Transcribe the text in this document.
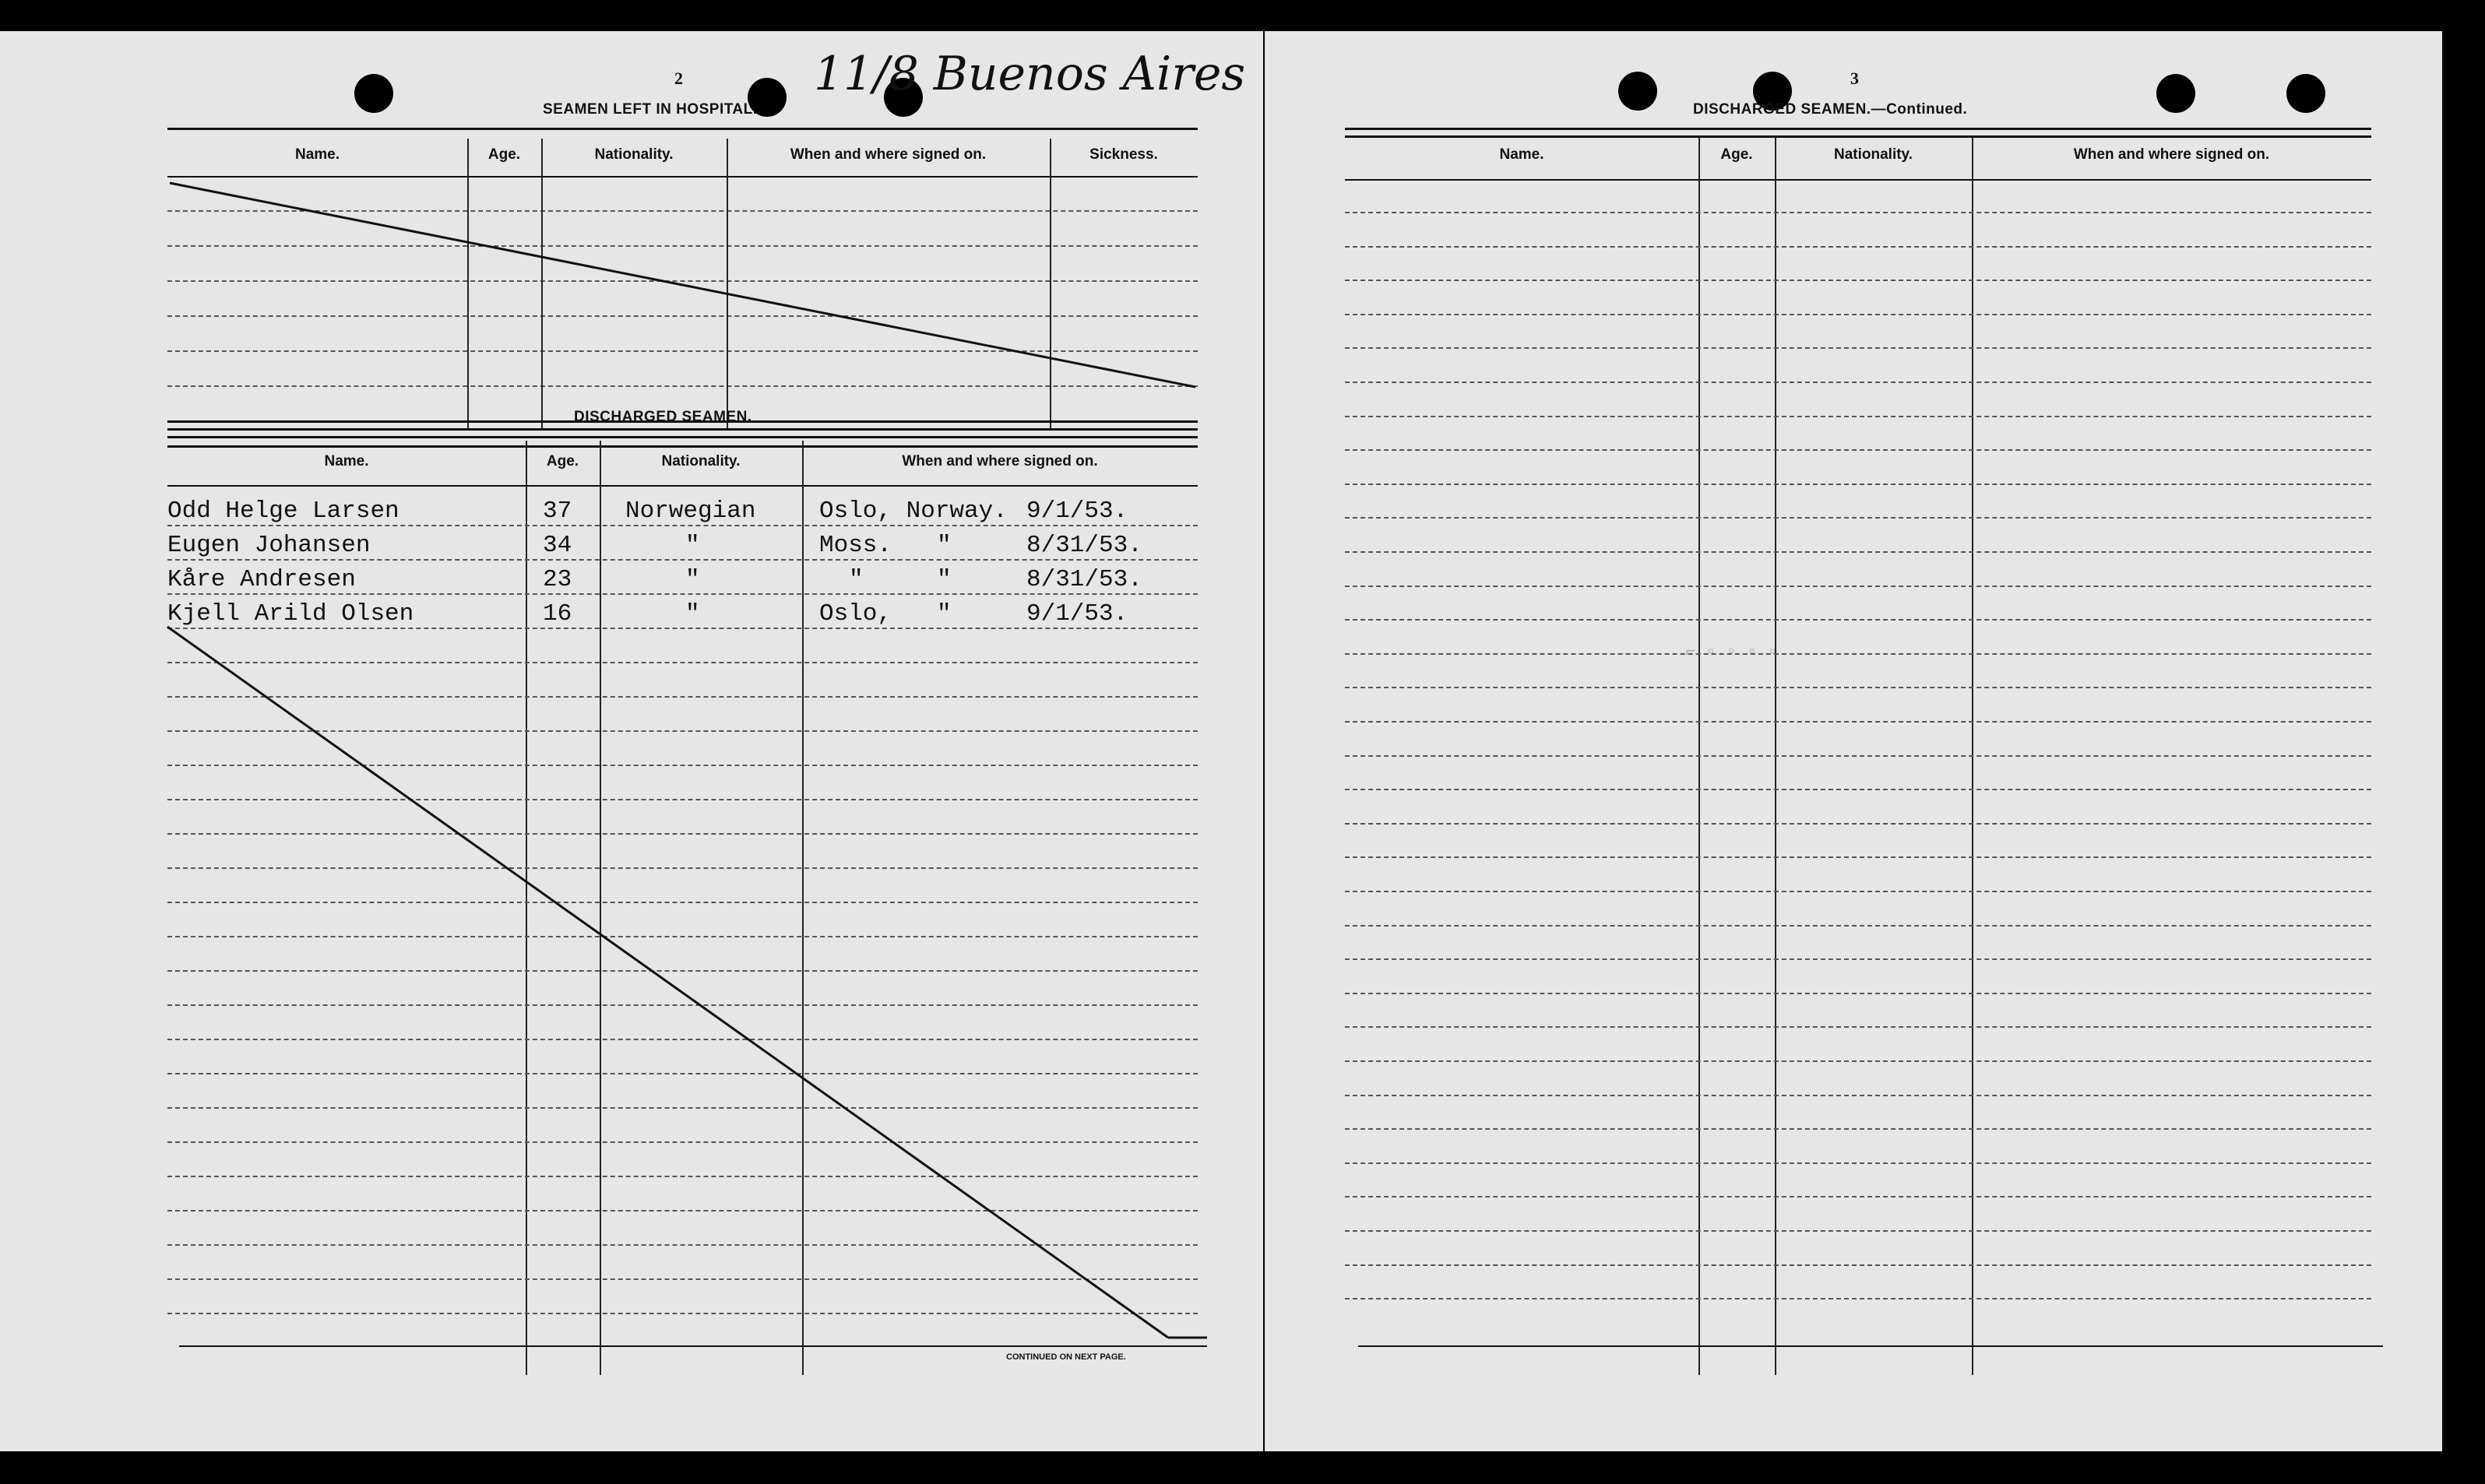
2
SEAMEN LEFT IN HOSPITAL.
11/8 Buenos Aires
Name.	Age.	Nationality.	When and where signed on.	Sickness.
DISCHARGED SEAMEN.
Name.	Age.	Nationality.	When and where signed on.
Odd Helge Larsen	37 Norwegian	Oslo, Norway. 9/1/53.
Eugen Johansen	34	"	Moss. "	8/31/53.
Kåre Andresen	23	"	"	"	8/31/53.
Kjell Arild Olsen	16	"	Oslo, "	9/1/53.
CONTINUED ON NEXT PAGE.
3
DISCHARGED SEAMEN.—Continued.
Name.	Age.	Nationality.	When and where signed on.
⌐ ▫ ▫ ▫ ▫
